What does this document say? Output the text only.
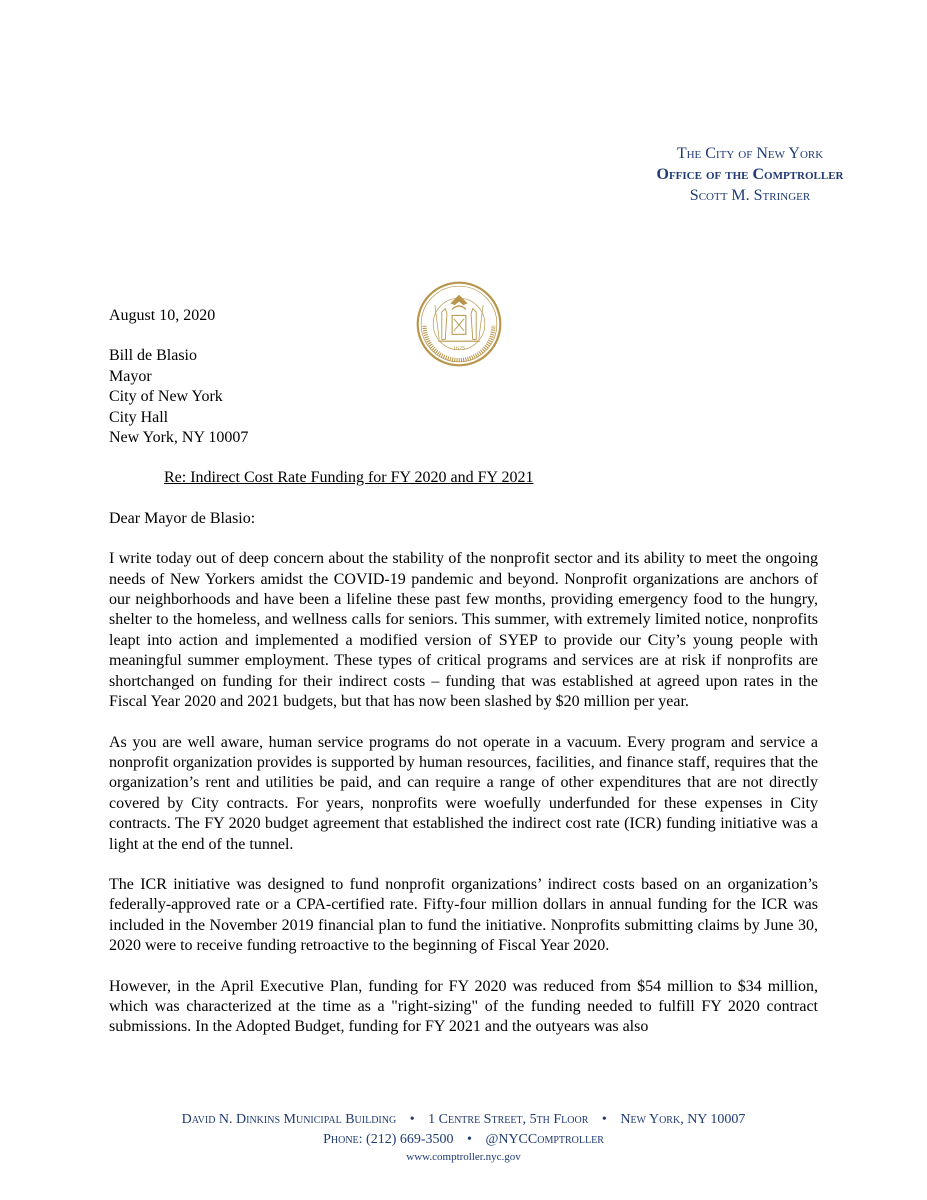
The City of New York
Office of the Comptroller
Scott M. Stringer
1625
August 10, 2020
Bill de Blasio
Mayor
City of New York
City Hall
New York, NY 10007
Re: Indirect Cost Rate Funding for FY 2020 and FY 2021
Dear Mayor de Blasio:

I write today out of deep concern about the stability of the nonprofit sector and its ability to meet the ongoing needs of New Yorkers amidst the COVID-19 pandemic and beyond. Nonprofit organizations are anchors of our neighborhoods and have been a lifeline these past few months, providing emergency food to the hungry, shelter to the homeless, and wellness calls for seniors. This summer, with extremely limited notice, nonprofits leapt into action and implemented a modified version of SYEP to provide our City’s young people with meaningful summer employment. These types of critical programs and services are at risk if nonprofits are shortchanged on funding for their indirect costs – funding that was established at agreed upon rates in the Fiscal Year 2020 and 2021 budgets, but that has now been slashed by $20 million per year.

As you are well aware, human service programs do not operate in a vacuum. Every program and service a nonprofit organization provides is supported by human resources, facilities, and finance staff, requires that the organization’s rent and utilities be paid, and can require a range of other expenditures that are not directly covered by City contracts. For years, nonprofits were woefully underfunded for these expenses in City contracts. The FY 2020 budget agreement that established the indirect cost rate (ICR) funding initiative was a light at the end of the tunnel.

The ICR initiative was designed to fund nonprofit organizations’ indirect costs based on an organization’s federally-approved rate or a CPA-certified rate. Fifty-four million dollars in annual funding for the ICR was included in the November 2019 financial plan to fund the initiative. Nonprofits submitting claims by June 30, 2020 were to receive funding retroactive to the beginning of Fiscal Year 2020.

However, in the April Executive Plan, funding for FY 2020 was reduced from $54 million to $34 million, which was characterized at the time as a "right-sizing" of the funding needed to fulfill FY 2020 contract submissions. In the Adopted Budget, funding for FY 2021 and the outyears was also

David N. Dinkins Municipal Building • 1 Centre Street, 5th Floor • New York, NY 10007
Phone: (212) 669-3500 • @NYCComptroller
www.comptroller.nyc.gov
